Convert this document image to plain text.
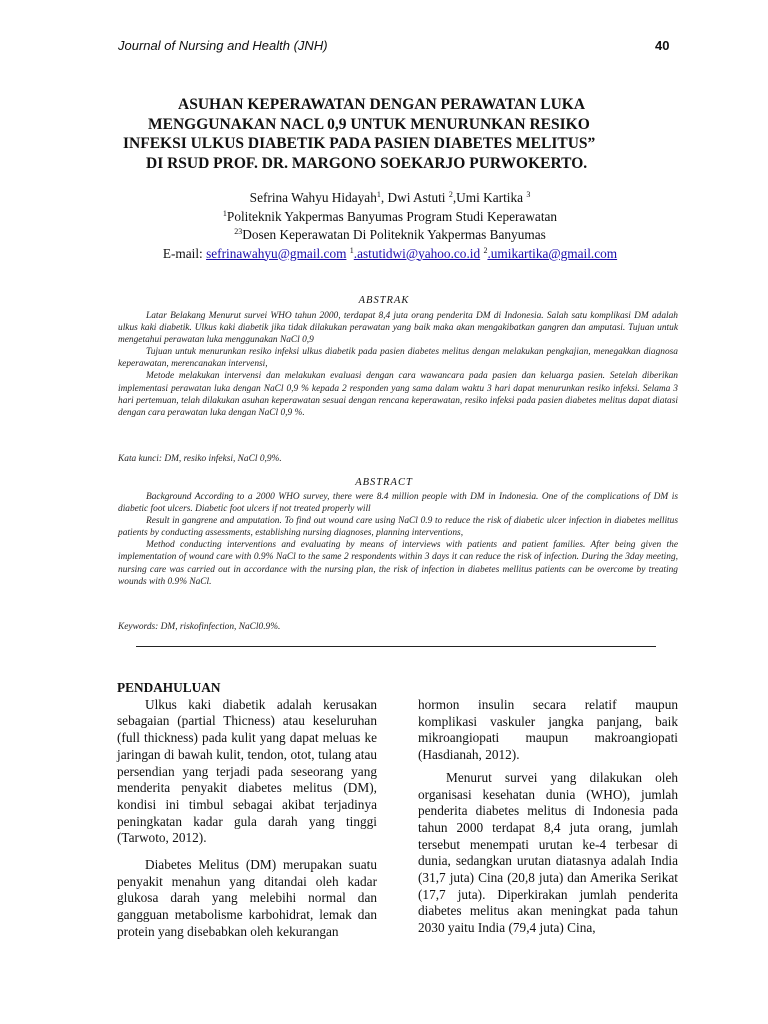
Journal of Nursing and Health (JNH)	40
ASUHAN KEPERAWATAN DENGAN PERAWATAN LUKA
MENGGUNAKAN NACL 0,9 UNTUK MENURUNKAN RESIKO
INFEKSI ULKUS DIABETIK PADA PASIEN DIABETES MELITUS”
DI RSUD PROF. DR. MARGONO SOEKARJO PURWOKERTO.
Sefrina Wahyu Hidayah$^1$, Dwi Astuti $^2$,Umi Kartika $^3$
$^1$Politeknik Yakpermas Banyumas Program Studi Keperawatan
$^{23}$Dosen Keperawatan Di Politeknik Yakpermas Banyumas
E-mail: sefrinawahyu@gmail.com $^1$.astutidwi@yahoo.co.id $^2$.umikartika@gmail.com
ABSTRAK

Latar Belakang Menurut survei WHO tahun 2000, terdapat 8,4 juta orang penderita DM di Indonesia. Salah satu komplikasi DM adalah ulkus kaki diabetik. Ulkus kaki diabetik jika tidak dilakukan perawatan yang baik maka akan mengakibatkan gangren dan amputasi. Tujuan untuk mengetahui perawatan luka menggunakan NaCl 0,9

Tujuan untuk menurunkan resiko infeksi ulkus diabetik pada pasien diabetes melitus dengan melakukan pengkajian, menegakkan diagnosa keperawatan, merencanakan intervensi,

Metode melakukan intervensi dan melakukan evaluasi dengan cara wawancara pada pasien dan keluarga pasien. Setelah diberikan implementasi perawatan luka dengan NaCl 0,9 % kepada 2 responden yang sama dalam waktu 3 hari dapat menurunkan resiko infeksi. Selama 3 hari pertemuan, telah dilakukan asuhan keperawatan sesuai dengan rencana keperawatan, resiko infeksi pada pasien diabetes melitus dapat diatasi dengan cara perawatan luka dengan NaCl 0,9 %.

Kata kunci: DM, resiko infeksi, NaCl 0,9%.
ABSTRACT

Background According to a 2000 WHO survey, there were 8.4 million people with DM in Indonesia. One of the complications of DM is diabetic foot ulcers. Diabetic foot ulcers if not treated properly will

Result in gangrene and amputation. To find out wound care using NaCl 0.9 to reduce the risk of diabetic ulcer infection in diabetes mellitus patients by conducting assessments, establishing nursing diagnoses, planning interventions,

Method conducting interventions and evaluating by means of interviews with patients and patient families. After being given the implementation of wound care with 0.9% NaCl to the same 2 respondents within 3 days it can reduce the risk of infection. During the 3day meeting, nursing care was carried out in accordance with the nursing plan, the risk of infection in diabetes mellitus patients can be overcome by treating wounds with 0.9% NaCl.

Keywords: DM, riskofinfection, NaCl0.9%.

PENDAHULUAN

Ulkus kaki diabetik adalah kerusakan sebagaian (partial Thicness) atau keseluruhan (full thickness) pada kulit yang dapat meluas ke jaringan di bawah kulit, tendon, otot, tulang atau persendian yang terjadi pada seseorang yang menderita penyakit diabetes melitus (DM), kondisi ini timbul sebagai akibat terjadinya peningkatan kadar gula darah yang tinggi (Tarwoto, 2012).

Diabetes Melitus (DM) merupakan suatu penyakit menahun yang ditandai oleh kadar glukosa darah yang melebihi normal dan gangguan metabolisme karbohidrat, lemak dan protein yang disebabkan oleh kekurangan

hormon insulin secara relatif maupun komplikasi vaskuler jangka panjang, baik mikroangiopati maupun makroangiopati (Hasdianah, 2012).

Menurut survei yang dilakukan oleh organisasi kesehatan dunia (WHO), jumlah penderita diabetes melitus di Indonesia pada tahun 2000 terdapat 8,4 juta orang, jumlah tersebut menempati urutan ke-4 terbesar di dunia, sedangkan urutan diatasnya adalah India (31,7 juta) Cina (20,8 juta) dan Amerika Serikat (17,7 juta). Diperkirakan jumlah penderita diabetes melitus akan meningkat pada tahun 2030 yaitu India (79,4 juta) Cina,
